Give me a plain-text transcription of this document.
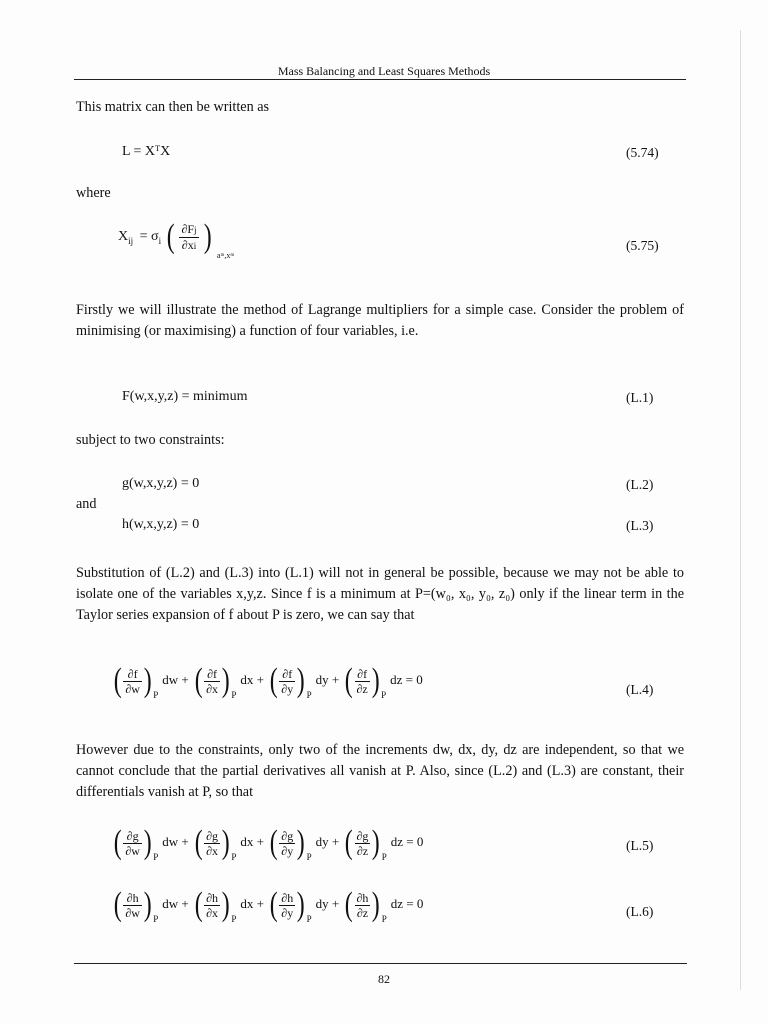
Mass Balancing and Least Squares Methods
This matrix can then be written as
L = XᵀX	(5.74)
where
$X_{ij} = \sigma_i$ ( $\frac{\partial Fj}{\partial xi}$ ) $_{aᵐ,xᵐ}$
(5.75)
Firstly we will illustrate the method of Lagrange multipliers for a simple case. Consider the problem of minimising (or maximising) a function of four variables, i.e.
F(w,x,y,z) = minimum	(L.1)
subject to two constraints:
g(w,x,y,z) = 0	(L.2)
and
h(w,x,y,z) = 0	(L.3)
Substitution of (L.2) and (L.3) into (L.1) will not in general be possible, because we may not be able to isolate one of the variables x,y,z. Since f is a minimum at P=(w₀, x₀, y₀, z₀) only if the linear term in the Taylor series expansion of f about P is zero, we can say that
( $\frac{\partial f}{\partial w}$ ) $_P$dw + ( $\frac{\partial f}{\partial x}$ ) $_P$dx + ( $\frac{\partial f}{\partial y}$ ) $_P$dy + ( $\frac{\partial f}{\partial z}$ ) $_P$dz = 0
(L.4)
However due to the constraints, only two of the increments dw, dx, dy, dz are independent, so that we cannot conclude that the partial derivatives all vanish at P. Also, since (L.2) and (L.3) are constant, their differentials vanish at P, so that
( $\frac{\partial g}{\partial w}$ ) $_P$dw + ( $\frac{\partial g}{\partial x}$ ) $_P$dx + ( $\frac{\partial g}{\partial y}$ ) $_P$dy + ( $\frac{\partial g}{\partial z}$ ) $_P$dz = 0	(L.5)
( $\frac{\partial h}{\partial w}$ ) $_P$dw + ( $\frac{\partial h}{\partial x}$ ) $_P$dx + ( $\frac{\partial h}{\partial y}$ ) $_P$dy + ( $\frac{\partial h}{\partial z}$ ) $_P$dz = 0
(L.6)
82
